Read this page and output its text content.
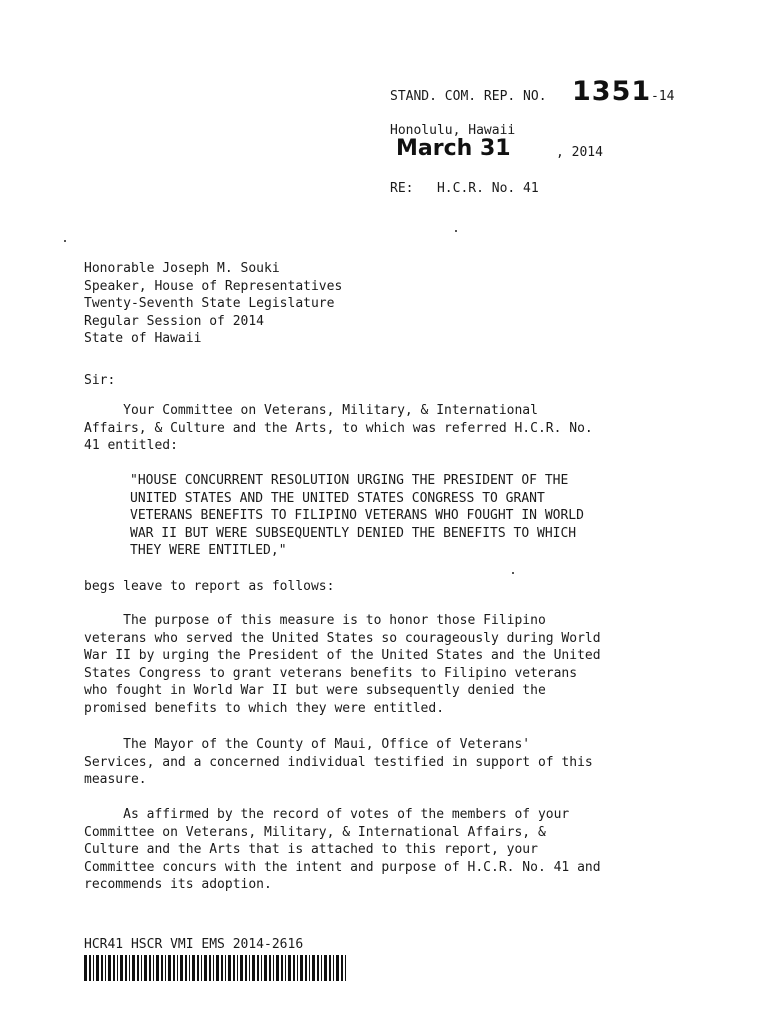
STAND. COM. REP. NO. 1351 -14
Honolulu, Hawaii
March 31	, 2014
RE:   H.C.R. No. 41
Honorable Joseph M. Souki
Speaker, House of Representatives
Twenty-Seventh State Legislature
Regular Session of 2014
State of Hawaii
Sir:
Your Committee on Veterans, Military, & International
Affairs, & Culture and the Arts, to which was referred H.C.R. No.
41 entitled:
"HOUSE CONCURRENT RESOLUTION URGING THE PRESIDENT OF THE
UNITED STATES AND THE UNITED STATES CONGRESS TO GRANT
VETERANS BENEFITS TO FILIPINO VETERANS WHO FOUGHT IN WORLD
WAR II BUT WERE SUBSEQUENTLY DENIED THE BENEFITS TO WHICH
THEY WERE ENTITLED,"
begs leave to report as follows:
The purpose of this measure is to honor those Filipino
veterans who served the United States so courageously during World
War II by urging the President of the United States and the United
States Congress to grant veterans benefits to Filipino veterans
who fought in World War II but were subsequently denied the
promised benefits to which they were entitled.
The Mayor of the County of Maui, Office of Veterans'
Services, and a concerned individual testified in support of this
measure.
As affirmed by the record of votes of the members of your
Committee on Veterans, Military, & International Affairs, &
Culture and the Arts that is attached to this report, your
Committee concurs with the intent and purpose of H.C.R. No. 41 and
recommends its adoption.
HCR41 HSCR VMI EMS 2014-2616
